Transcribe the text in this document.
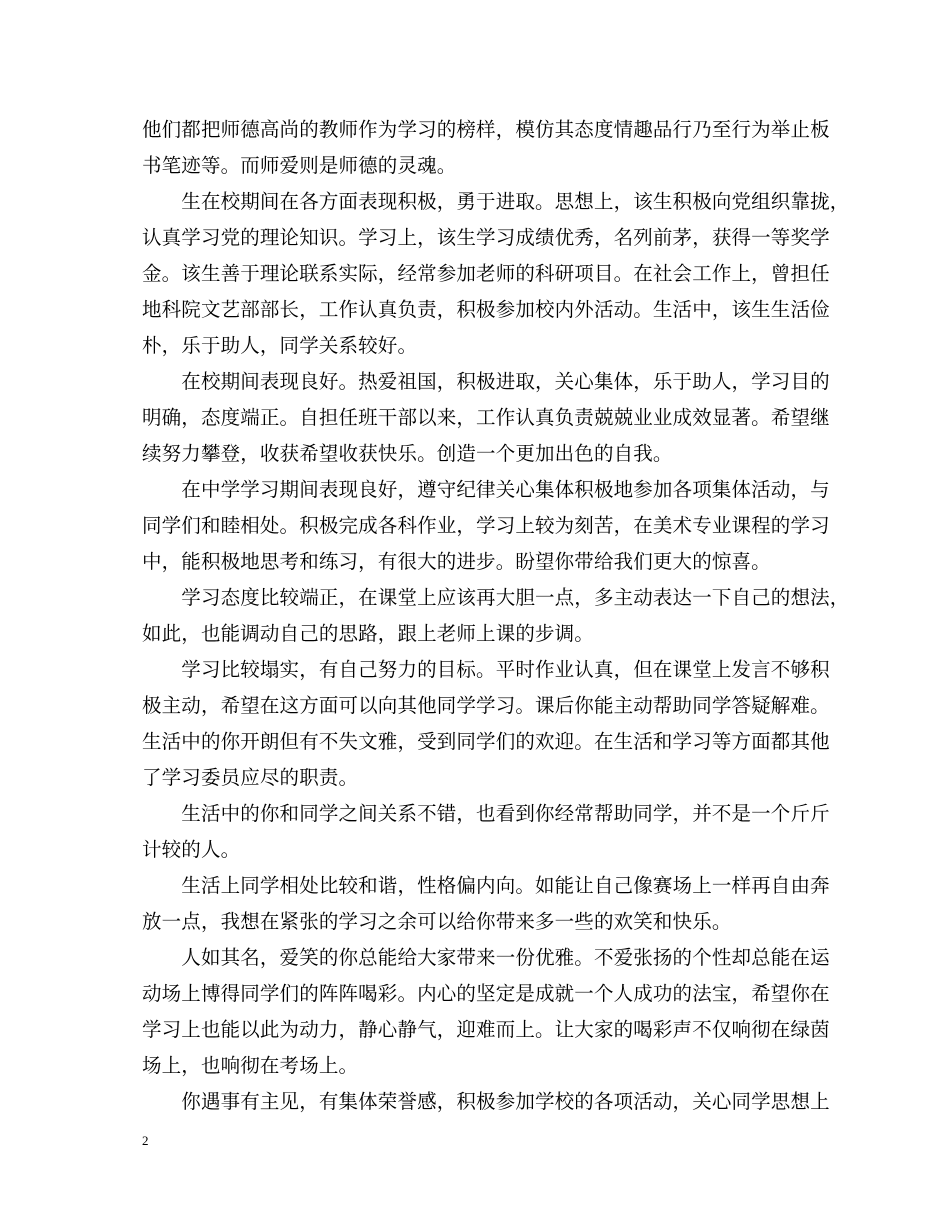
他们都把师德高尚的教师作为学习的榜样，模仿其态度情趣品行乃至行为举止板
书笔迹等。而师爱则是师德的灵魂。
　　生在校期间在各方面表现积极，勇于进取。思想上，该生积极向党组织靠拢，
认真学习党的理论知识。学习上，该生学习成绩优秀，名列前茅，获得一等奖学
金。该生善于理论联系实际，经常参加老师的科研项目。在社会工作上，曾担任
地科院文艺部部长，工作认真负责，积极参加校内外活动。生活中，该生生活俭
朴，乐于助人，同学关系较好。
　　在校期间表现良好。热爱祖国，积极进取，关心集体，乐于助人，学习目的
明确，态度端正。自担任班干部以来，工作认真负责兢兢业业成效显著。希望继
续努力攀登，收获希望收获快乐。创造一个更加出色的自我。
　　在中学学习期间表现良好，遵守纪律关心集体积极地参加各项集体活动，与
同学们和睦相处。积极完成各科作业，学习上较为刻苦，在美术专业课程的学习
中，能积极地思考和练习，有很大的进步。盼望你带给我们更大的惊喜。
　　学习态度比较端正，在课堂上应该再大胆一点，多主动表达一下自己的想法，
如此，也能调动自己的思路，跟上老师上课的步调。
　　学习比较塌实，有自己努力的目标。平时作业认真，但在课堂上发言不够积
极主动，希望在这方面可以向其他同学学习。课后你能主动帮助同学答疑解难。
生活中的你开朗但有不失文雅，受到同学们的欢迎。在生活和学习等方面都其他
了学习委员应尽的职责。
　　生活中的你和同学之间关系不错，也看到你经常帮助同学，并不是一个斤斤
计较的人。
　　生活上同学相处比较和谐，性格偏内向。如能让自己像赛场上一样再自由奔
放一点，我想在紧张的学习之余可以给你带来多一些的欢笑和快乐。
　　人如其名，爱笑的你总能给大家带来一份优雅。不爱张扬的个性却总能在运
动场上博得同学们的阵阵喝彩。内心的坚定是成就一个人成功的法宝，希望你在
学习上也能以此为动力，静心静气，迎难而上。让大家的喝彩声不仅响彻在绿茵
场上，也响彻在考场上。
　　你遇事有主见，有集体荣誉感，积极参加学校的各项活动，关心同学思想上
2
